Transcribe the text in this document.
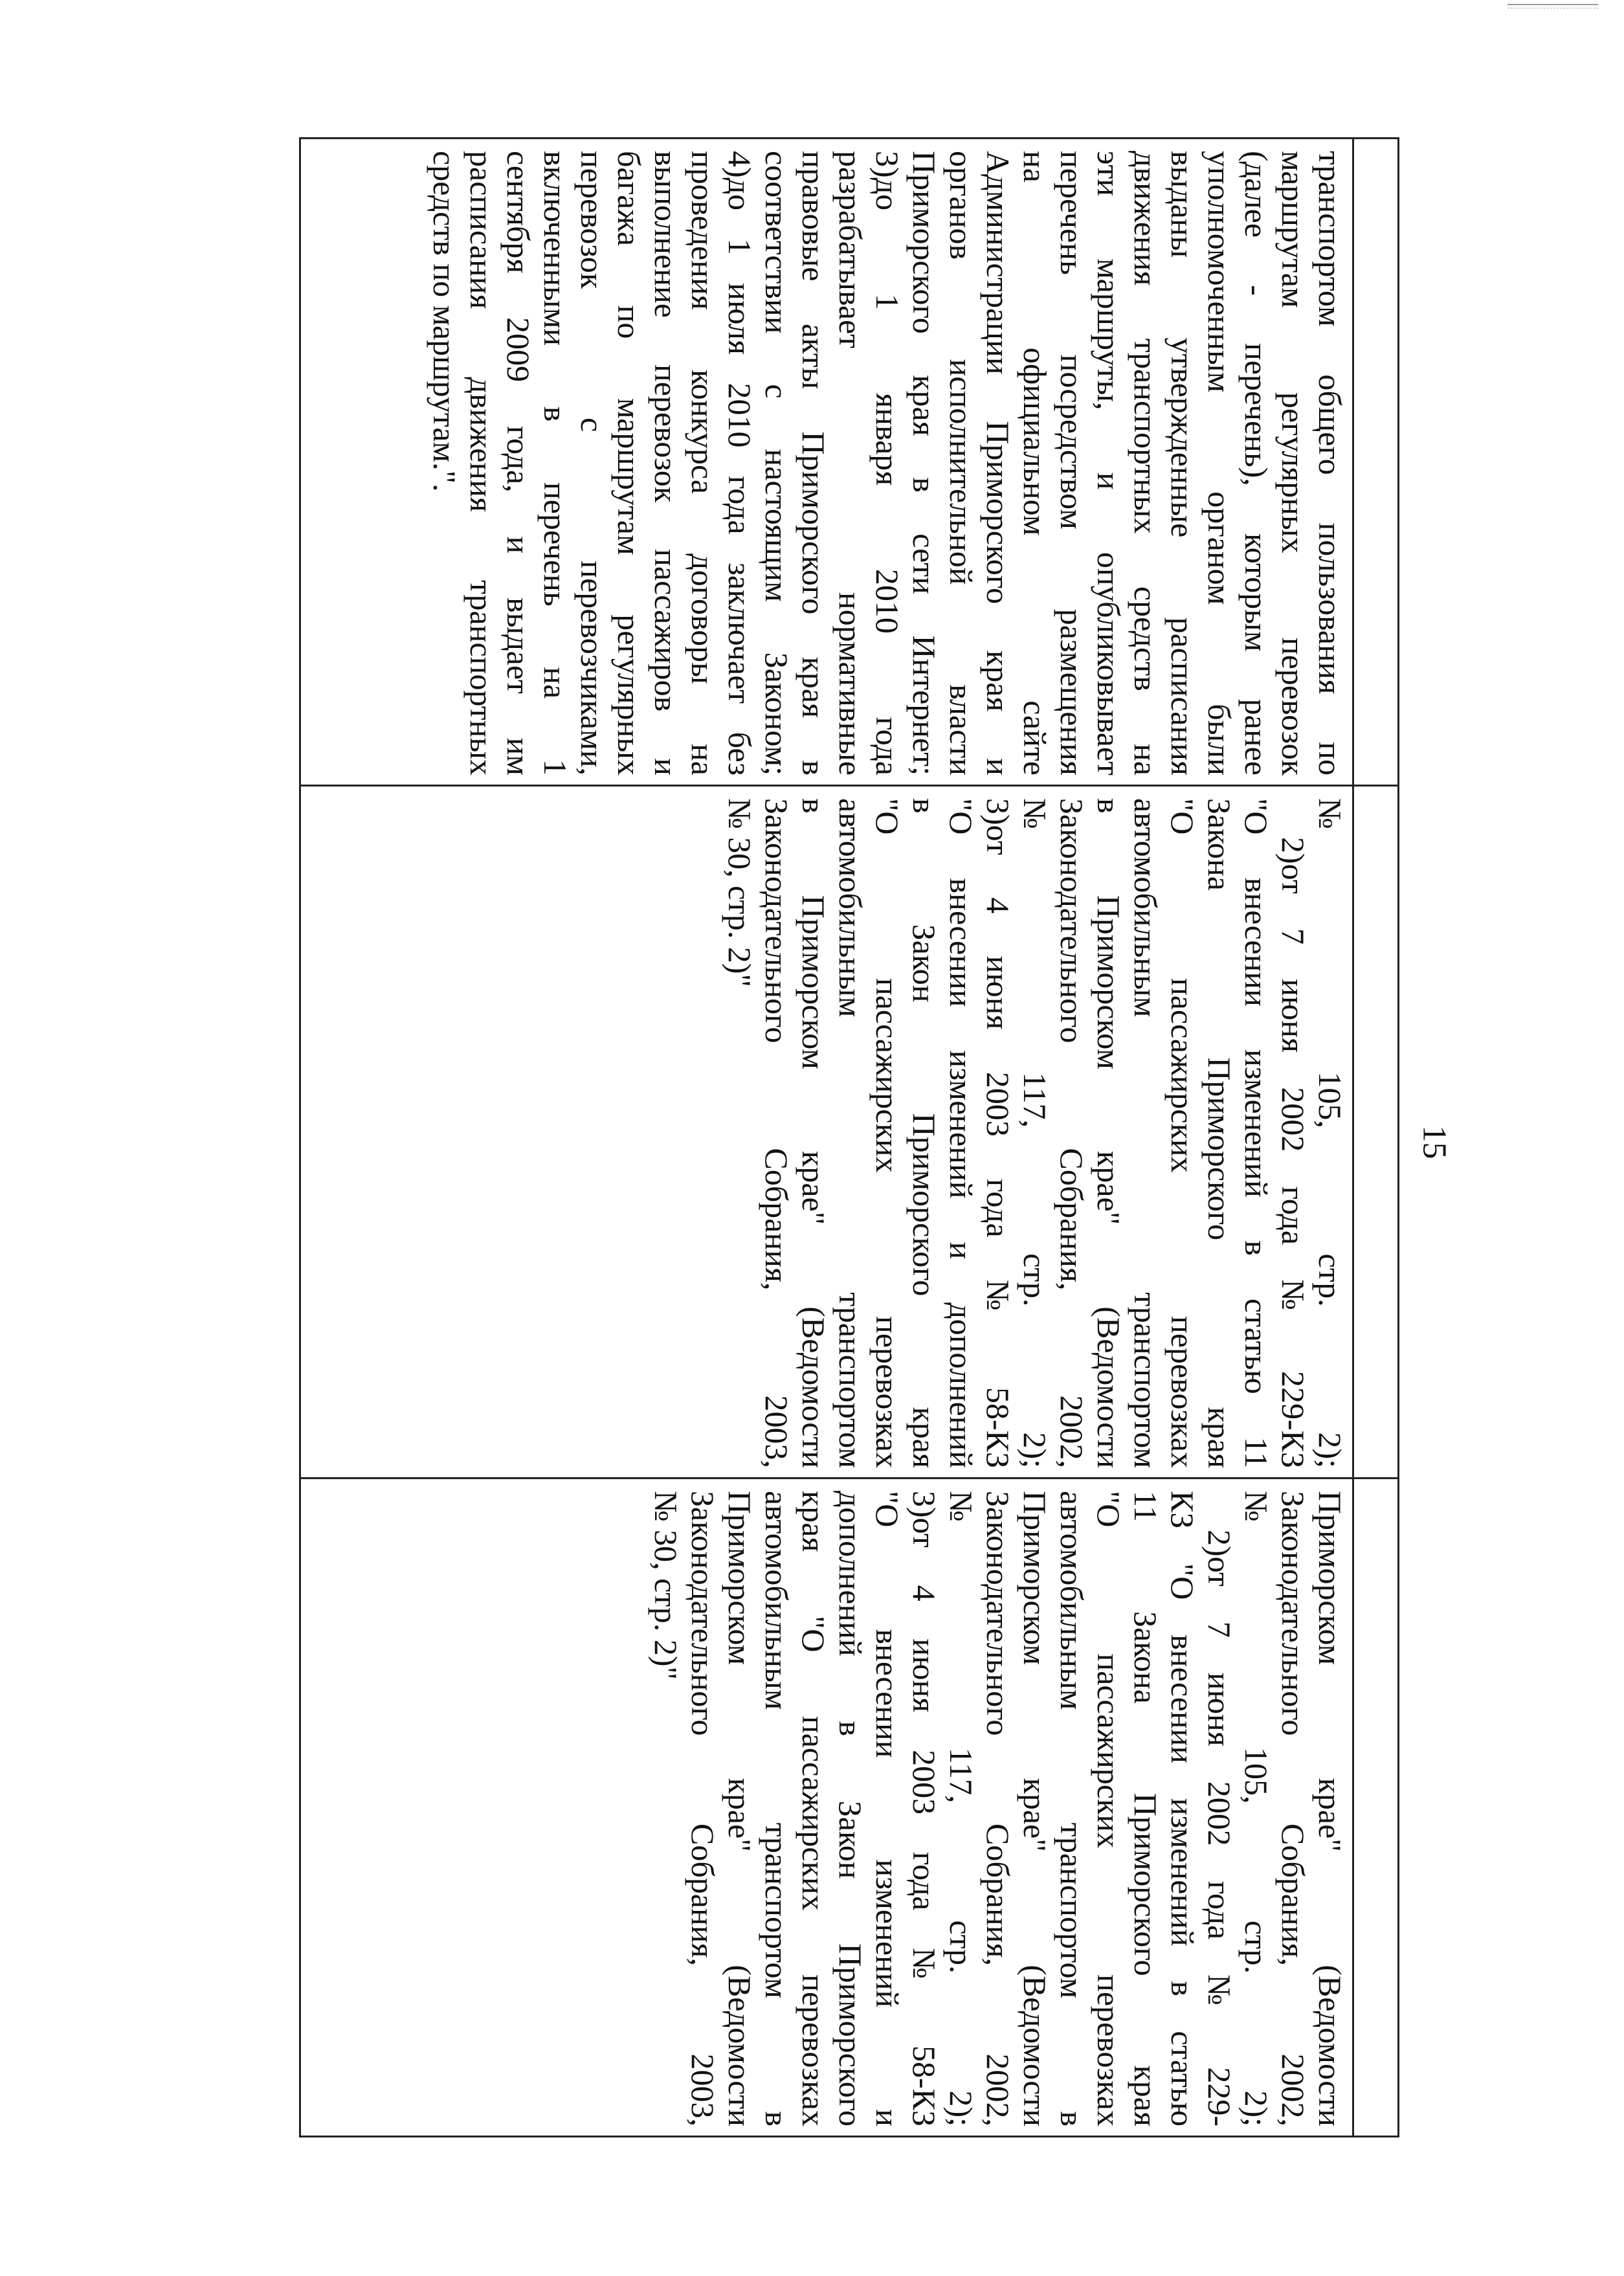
15
транспортом общего пользования по
маршрутам регулярных перевозок
(далее - перечень), которым ранее
уполномоченным органом были
выданы утвержденные расписания
движения транспортных средств на
эти маршруты, и опубликовывает
перечень посредством размещения
на официальном сайте
Администрации Приморского края и
органов исполнительной власти
Приморского края в сети Интернет;
3)до 1 января 2010 года
разрабатывает нормативные
правовые акты Приморского края в
соответствии с настоящим Законом;
4)до 1 июля 2010 года заключает без
проведения конкурса договоры на
выполнение перевозок пассажиров и
багажа по маршрутам регулярных
перевозок с перевозчиками,
включенными в перечень на 1
сентября 2009 года, и выдает им
расписания движения транспортных
средств по маршрутам.".
№ 105, стр. 2);
2)от 7 июня 2002 года № 229-КЗ
"О внесении изменений в статью 11
Закона Приморского края
"О пассажирских перевозках
автомобильным транспортом
в Приморском крае" (Ведомости
Законодательного Собрания, 2002,
№ 117, стр. 2);
3)от 4 июня 2003 года № 58-КЗ
"О внесении изменений и дополнений
в Закон Приморского края
"О пассажирских перевозках
автомобильным транспортом
в Приморском крае" (Ведомости
Законодательного Собрания, 2003,
№ 30, стр. 2)"
Приморском крае" (Ведомости
Законодательного Собрания, 2002,
№ 105, стр. 2);
2)от 7 июня 2002 года № 229-
КЗ "О внесении изменений в статью
11 Закона Приморского края
"О пассажирских перевозках
автомобильным транспортом в
Приморском крае" (Ведомости
Законодательного Собрания, 2002,
№ 117, стр. 2);
3)от 4 июня 2003 года № 58-КЗ
"О внесении изменений и
дополнений в Закон Приморского
края "О пассажирских перевозках
автомобильным транспортом в
Приморском крае" (Ведомости
Законодательного Собрания, 2003,
№ 30, стр. 2)"
